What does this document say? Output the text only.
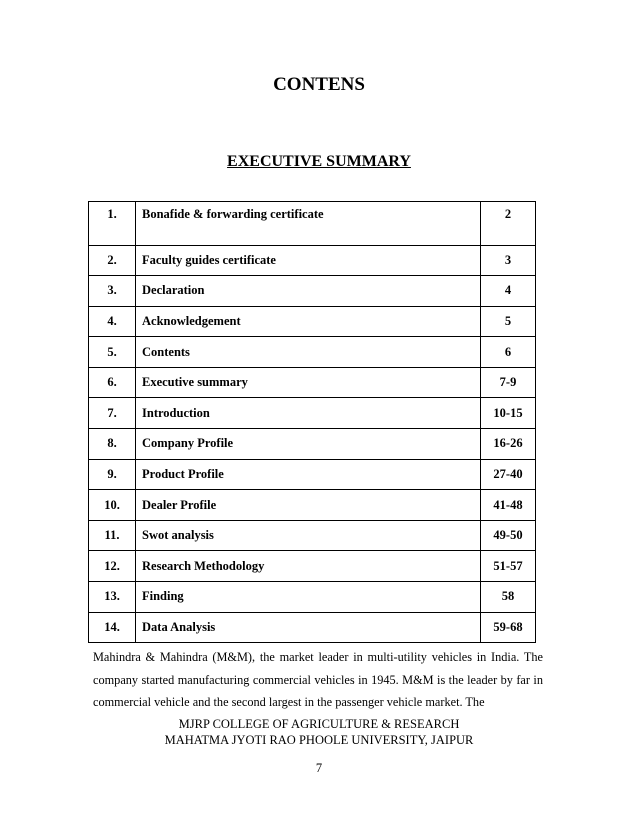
CONTENS
EXECUTIVE SUMMARY
1.	Bonafide & forwarding certificate	2
2.	Faculty guides certificate	3
3.	Declaration	4
4.	Acknowledgement	5
5.	Contents	6
6.	Executive summary	7-9
7.	Introduction	10-15
8.	Company Profile	16-26
9.	Product Profile	27-40
10.	Dealer Profile	41-48
11.	Swot analysis	49-50
12.	Research Methodology	51-57
13.	Finding	58
14.	Data Analysis	59-68
Mahindra & Mahindra (M&M), the market leader in multi-utility vehicles in India. The company started manufacturing commercial vehicles in 1945. M&M is the leader by far in commercial vehicle and the second largest in the passenger vehicle market. The
MJRP COLLEGE OF AGRICULTURE & RESEARCH
MAHATMA JYOTI RAO PHOOLE UNIVERSITY, JAIPUR
7
